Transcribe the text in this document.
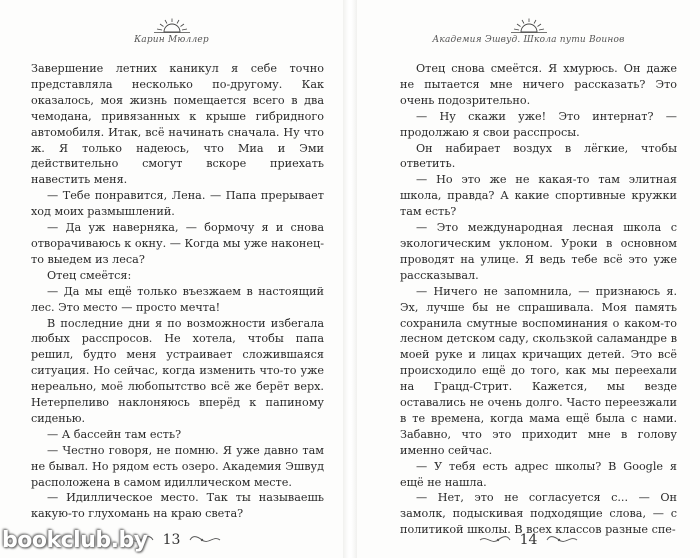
Карин Мюллер

Завершение летних каникул я себе точно представляла несколько по-другому. Как оказалось, моя жизнь помещается всего в два чемодана, привязанных к крыше гибридного автомобиля. Итак, всё начинать сначала. Ну что ж. Я только надеюсь, что Миа и Эми действительно смогут вскоре приехать навестить меня.

— Тебе понравится, Лена. — Папа прерывает ход моих размышлений.

— Да уж наверняка, — бормочу я и снова отворачиваюсь к окну. — Когда мы уже наконец-то выедем из леса?

Отец смеётся:

— Да мы ещё только въезжаем в настоящий лес. Это место — просто мечта!

В последние дни я по возможности избегала любых расспросов. Не хотела, чтобы папа решил, будто меня устраивает сложившаяся ситуация. Но сейчас, когда изменить что-то уже нереально, моё любопытство всё же берёт верх. Нетерпеливо наклоняюсь вперёд к папиному сиденью.

— А бассейн там есть?

— Честно говоря, не помню. Я уже давно там не бывал. Но рядом есть озеро. Академия Эшвуд расположена в самом идиллическом месте.

— Идиллическое место. Так ты называешь какую-то глухомань на краю света?

13
bookclub.by
Академия Эшвуд. Школа пути Воинов

Отец снова смеётся. Я хмурюсь. Он даже не пытается мне ничего рассказать? Это очень подозрительно.

— Ну скажи уже! Это интернат? — продолжаю я свои расспросы.

Он набирает воздух в лёгкие, чтобы ответить.

— Но это же не какая-то там элитная школа, правда? А какие спортивные кружки там есть?

— Это международная лесная школа с экологическим уклоном. Уроки в основном проводят на улице. Я ведь тебе всё это уже рассказывал.

— Ничего не запомнила, — признаюсь я. Эх, лучше бы не спрашивала. Моя память сохранила смутные воспоминания о каком-то лесном детском саду, скользкой саламандре в моей руке и лицах кричащих детей. Это всё происходило ещё до того, как мы переехали на Грацд-Стрит. Кажется, мы везде оставались не очень долго. Часто переезжали в те времена, когда мама ещё была с нами. Забавно, что это приходит мне в голову именно сейчас.

— У тебя есть адрес школы? В Google я ещё не нашла.

— Нет, это не согласуется с... — Он замолк, подыскивая подходящие слова, — с политикой школы. В всех классов разные спе-

14
